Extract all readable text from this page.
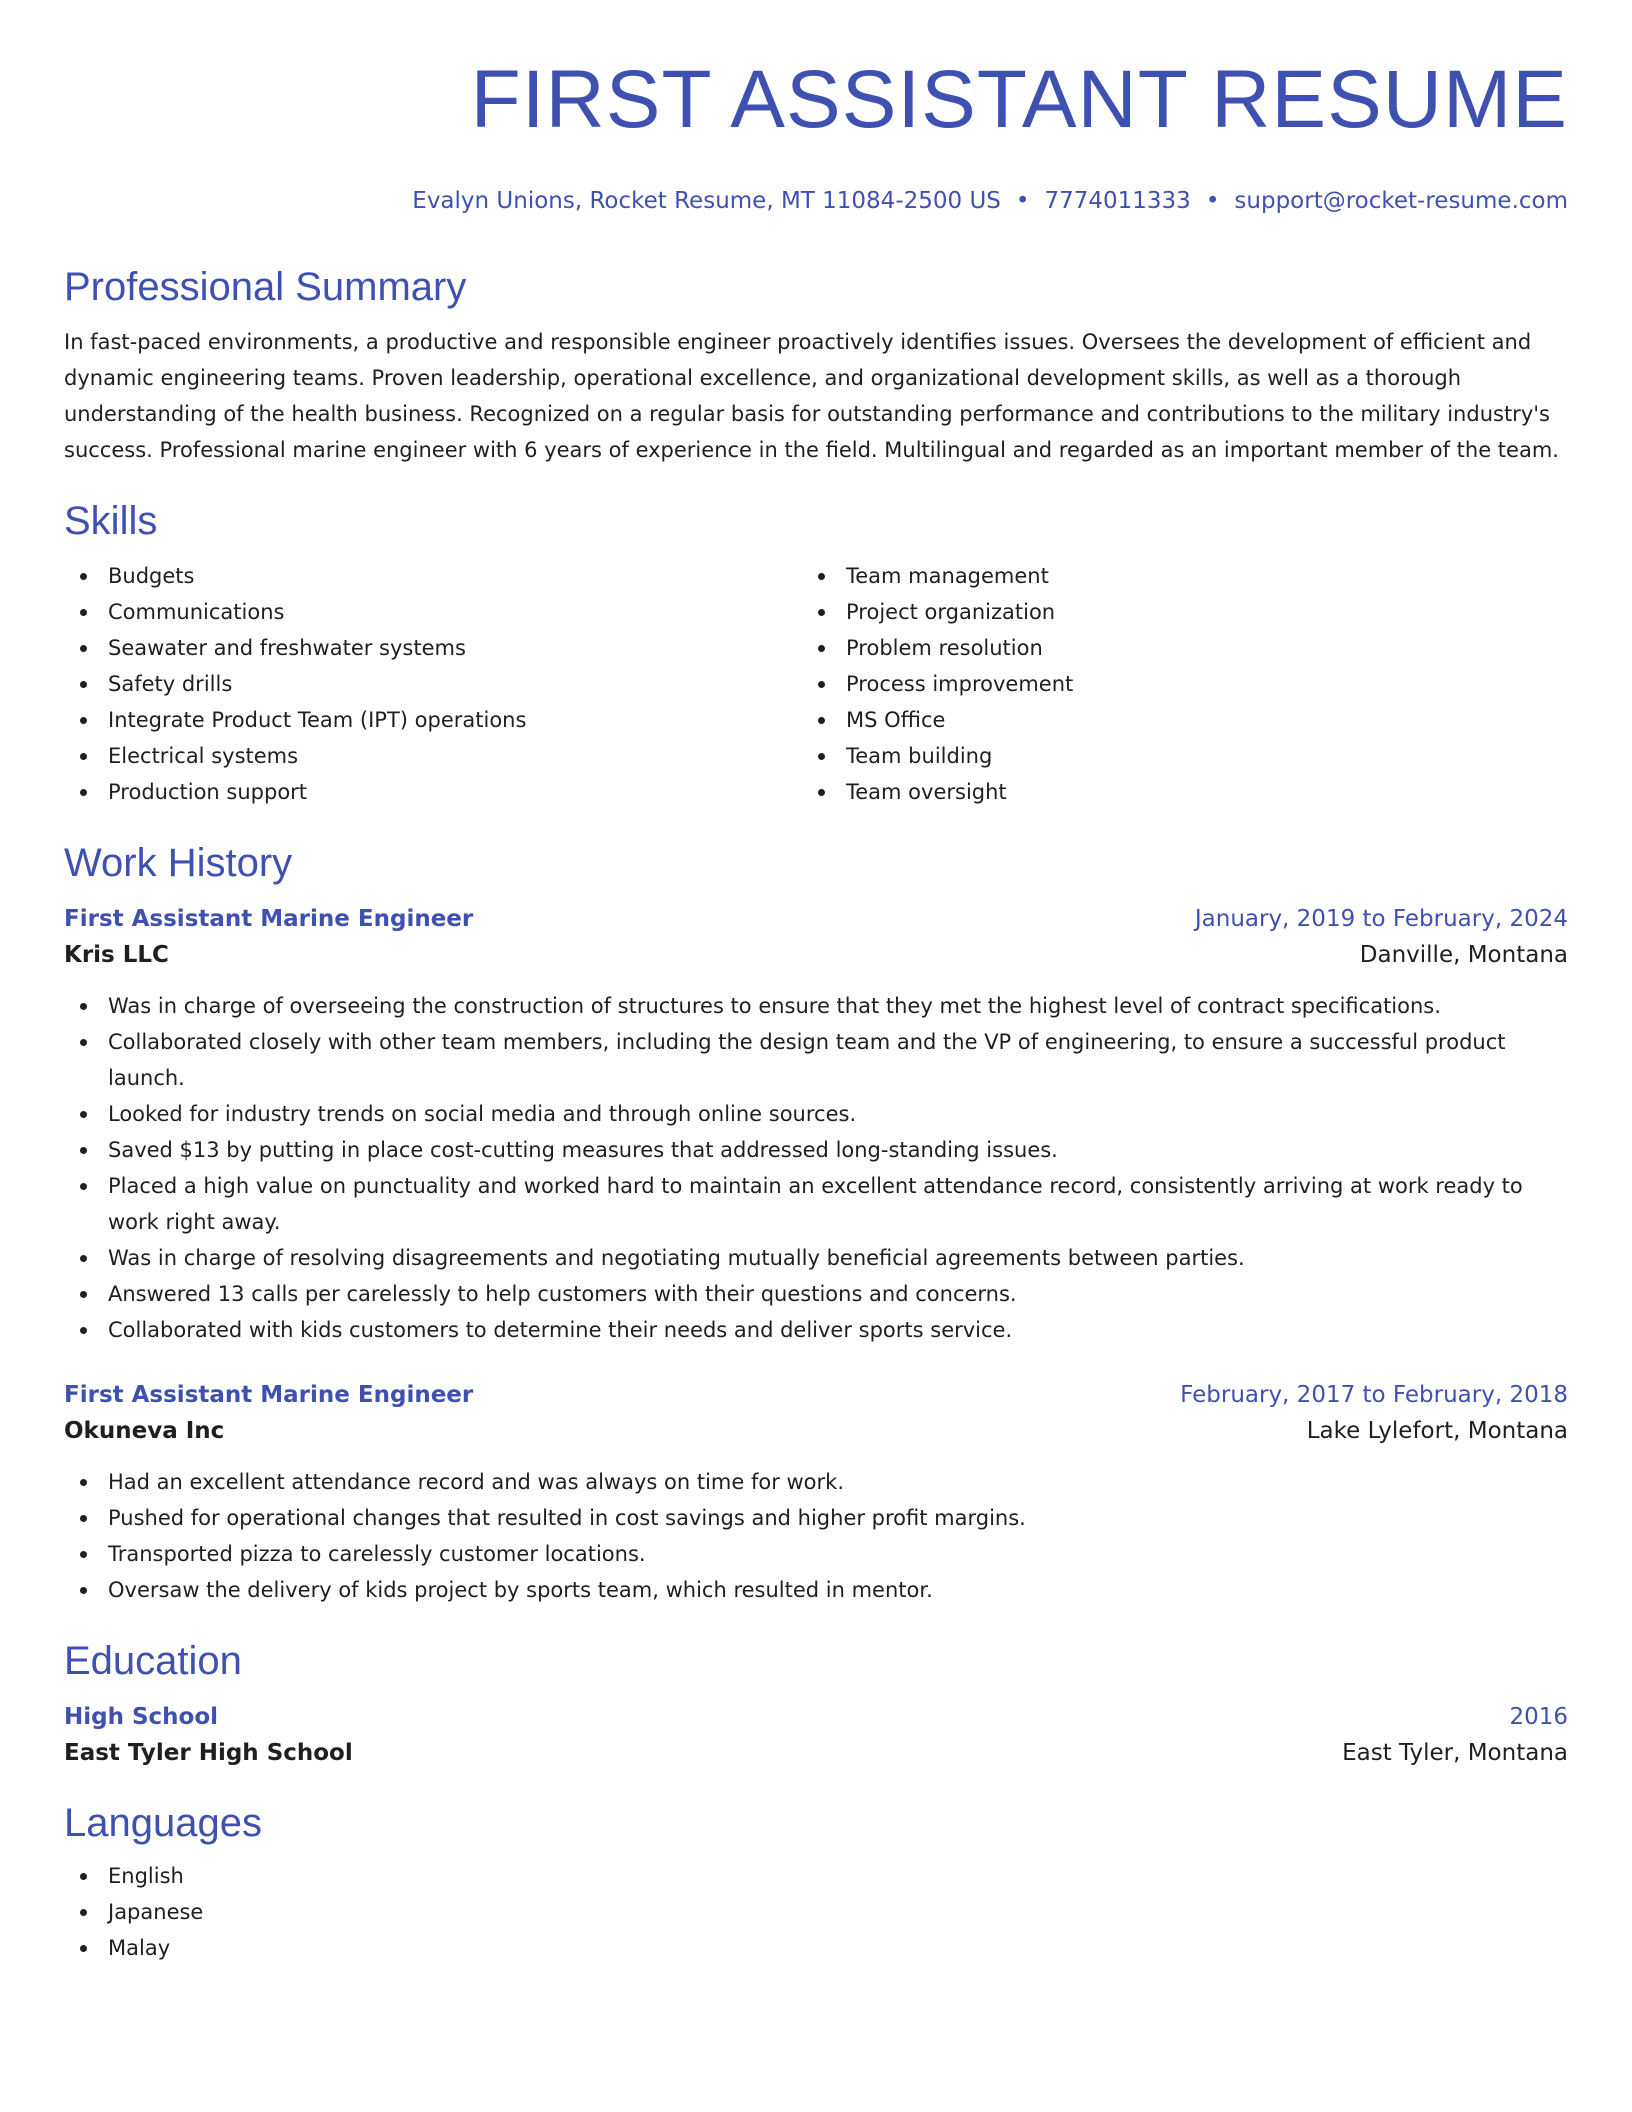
FIRST ASSISTANT RESUME
Evalyn Unions, Rocket Resume, MT 11084-2500 US • 7774011333 • support@rocket-resume.com
Professional Summary
In fast-paced environments, a productive and responsible engineer proactively identifies issues. Oversees the development of efficient and dynamic engineering teams. Proven leadership, operational excellence, and organizational development skills, as well as a thorough understanding of the health business. Recognized on a regular basis for outstanding performance and contributions to the military industry's success. Professional marine engineer with 6 years of experience in the field. Multilingual and regarded as an important member of the team.
Skills
Budgets
Communications
Seawater and freshwater systems
Safety drills
Integrate Product Team (IPT) operations
Electrical systems
Production support
Team management
Project organization
Problem resolution
Process improvement
MS Office
Team building
Team oversight
Work History
First Assistant Marine Engineer	January, 2019 to February, 2024
Kris LLC	Danville, Montana
Was in charge of overseeing the construction of structures to ensure that they met the highest level of contract specifications.
Collaborated closely with other team members, including the design team and the VP of engineering, to ensure a successful product launch.
Looked for industry trends on social media and through online sources.
Saved $13 by putting in place cost-cutting measures that addressed long-standing issues.
Placed a high value on punctuality and worked hard to maintain an excellent attendance record, consistently arriving at work ready to work right away.
Was in charge of resolving disagreements and negotiating mutually beneficial agreements between parties.
Answered 13 calls per carelessly to help customers with their questions and concerns.
Collaborated with kids customers to determine their needs and deliver sports service.
First Assistant Marine Engineer	February, 2017 to February, 2018
Okuneva Inc	Lake Lylefort, Montana
Had an excellent attendance record and was always on time for work.
Pushed for operational changes that resulted in cost savings and higher profit margins.
Transported pizza to carelessly customer locations.
Oversaw the delivery of kids project by sports team, which resulted in mentor.
Education
High School	2016
East Tyler High School	East Tyler, Montana
Languages
English
Japanese
Malay
